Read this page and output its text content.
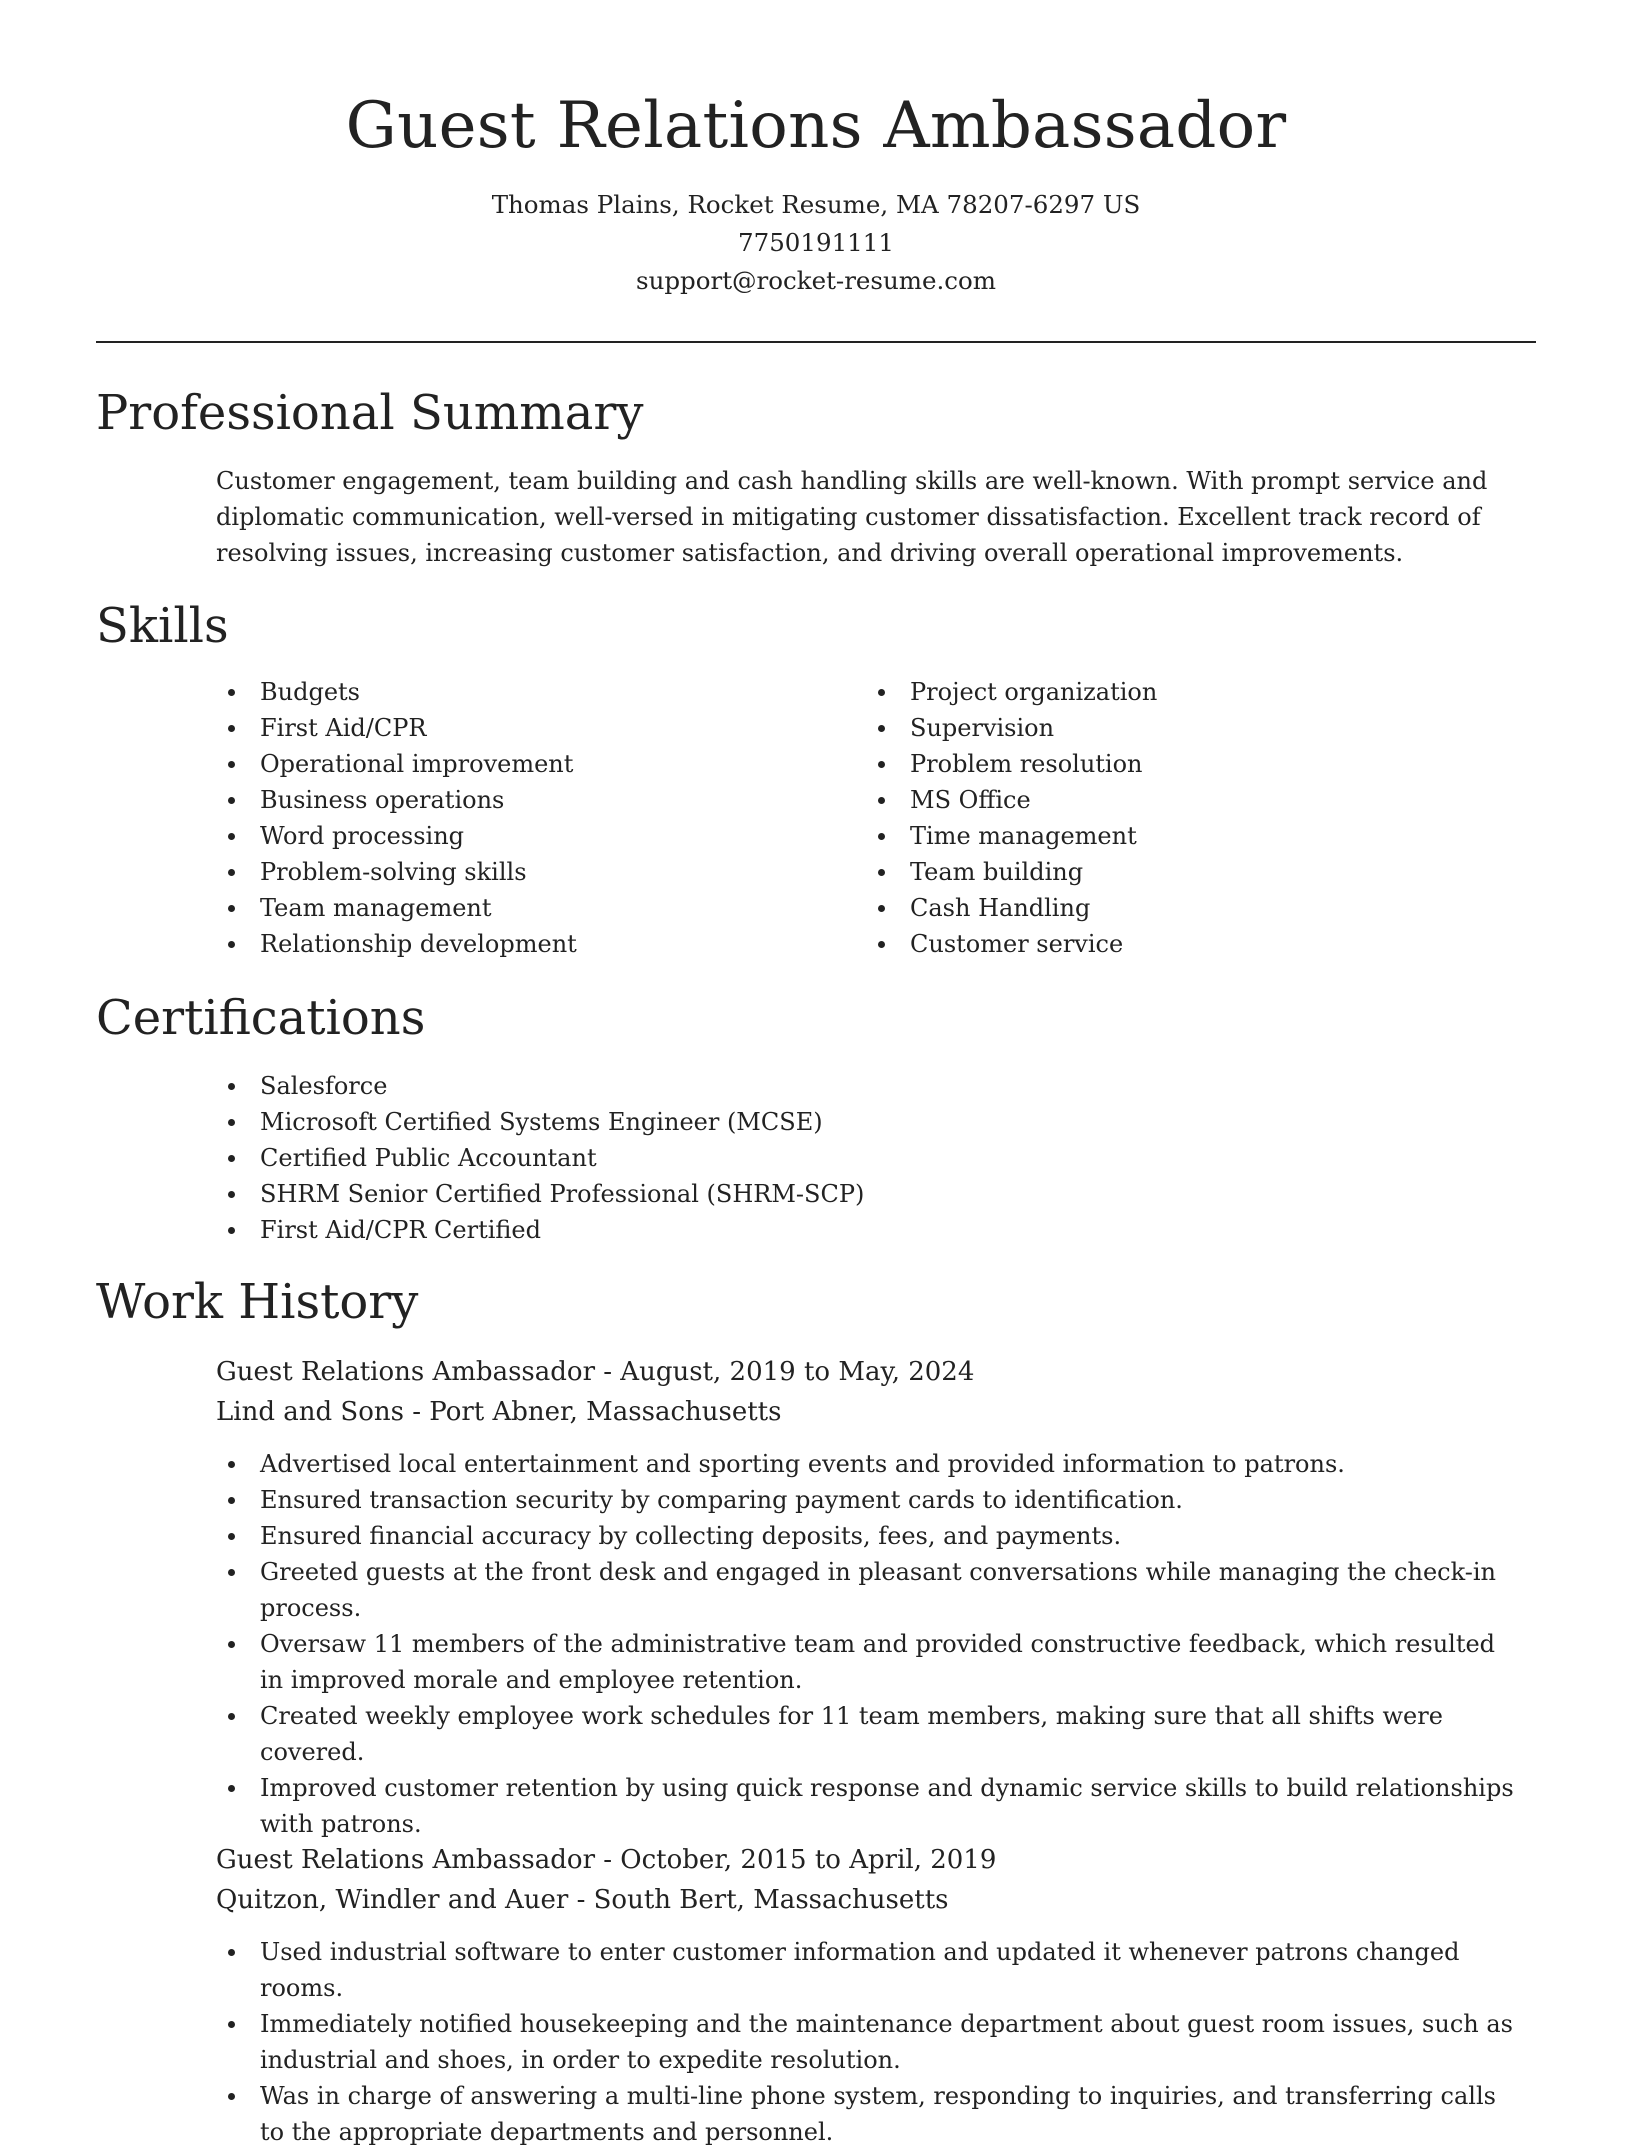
Guest Relations Ambassador
Thomas Plains, Rocket Resume, MA 78207-6297 US
7750191111
support@rocket-resume.com
Professional Summary

Customer engagement, team building and cash handling skills are well-known. With prompt service and diplomatic communication, well-versed in mitigating customer dissatisfaction. Excellent track record of resolving issues, increasing customer satisfaction, and driving overall operational improvements.

Skills
Budgets
First Aid/CPR
Operational improvement
Business operations
Word processing
Problem-solving skills
Team management
Relationship development
Project organization
Supervision
Problem resolution
MS Office
Time management
Team building
Cash Handling
Customer service
Certifications
Salesforce
Microsoft Certified Systems Engineer (MCSE)
Certified Public Accountant
SHRM Senior Certified Professional (SHRM-SCP)
First Aid/CPR Certified
Work History
Guest Relations Ambassador - August, 2019 to May, 2024
Lind and Sons - Port Abner, Massachusetts
Advertised local entertainment and sporting events and provided information to patrons.
Ensured transaction security by comparing payment cards to identification.
Ensured financial accuracy by collecting deposits, fees, and payments.
Greeted guests at the front desk and engaged in pleasant conversations while managing the check-in process.
Oversaw 11 members of the administrative team and provided constructive feedback, which resulted in improved morale and employee retention.
Created weekly employee work schedules for 11 team members, making sure that all shifts were covered.
Improved customer retention by using quick response and dynamic service skills to build relationships with patrons.
Guest Relations Ambassador - October, 2015 to April, 2019
Quitzon, Windler and Auer - South Bert, Massachusetts
Used industrial software to enter customer information and updated it whenever patrons changed rooms.
Immediately notified housekeeping and the maintenance department about guest room issues, such as industrial and shoes, in order to expedite resolution.
Was in charge of answering a multi-line phone system, responding to inquiries, and transferring calls to the appropriate departments and personnel.
